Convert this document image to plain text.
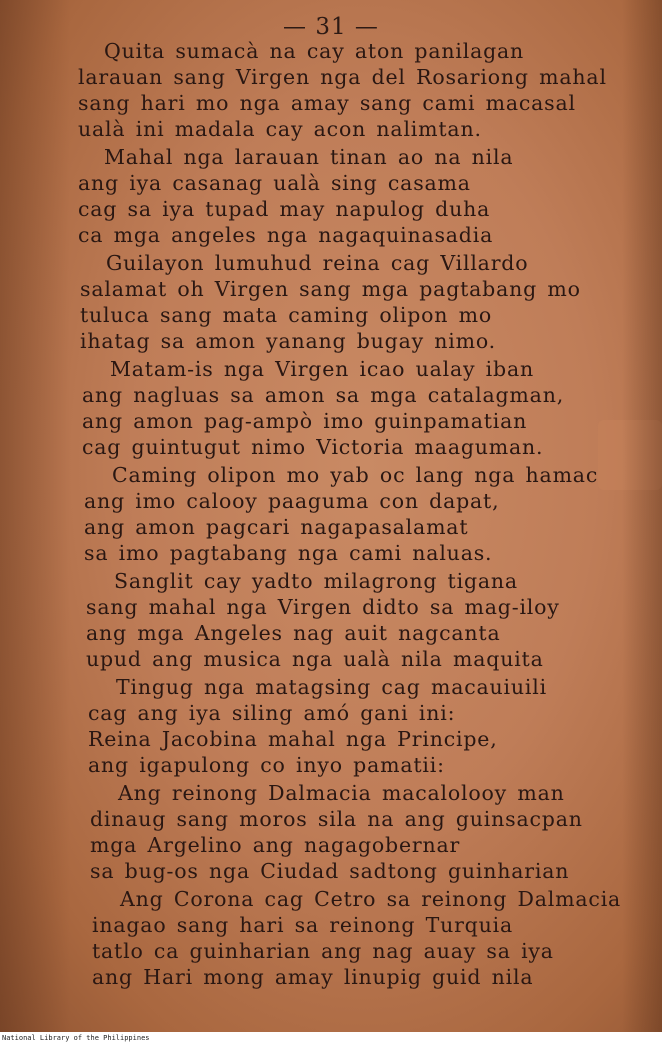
— 31 —
Quita sumacà na cay aton panilagan
larauan sang Virgen nga del Rosariong mahal
sang hari mo nga amay sang cami macasal
ualà ini madala cay acon nalimtan.
Mahal nga larauan tinan ao na nila
ang iya casanag ualà sing casama
cag sa iya tupad may napulog duha
ca mga angeles nga nagaquinasadia
Guilayon lumuhud reina cag Villardo
salamat oh Virgen sang mga pagtabang mo
tuluca sang mata caming olipon mo
ihatag sa amon yanang bugay nimo.
Matam-is nga Virgen icao ualay iban
ang nagluas sa amon sa mga catalagman,
ang amon pag-ampò imo guinpamatian
cag guintugut nimo Victoria maaguman.
Caming olipon mo yab oc lang nga hamac
ang imo calooy paaguma con dapat,
ang amon pagcari nagapasalamat
sa imo pagtabang nga cami naluas.
Sanglit cay yadto milagrong tigana
sang mahal nga Virgen didto sa mag-iloy
ang mga Angeles nag auit nagcanta
upud ang musica nga ualà nila maquita
Tingug nga matagsing cag macauiuili
cag ang iya siling amó gani ini:
Reina Jacobina mahal nga Principe,
ang igapulong co inyo pamatii:
Ang reinong Dalmacia macalolooy man
dinaug sang moros sila na ang guinsacpan
mga Argelino ang nagagobernar
sa bug-os nga Ciudad sadtong guinharian
Ang Corona cag Cetro sa reinong Dalmacia
inagao sang hari sa reinong Turquia
tatlo ca guinharian ang nag auay sa iya
ang Hari mong amay linupig guid nila
National Library of the Philippines
